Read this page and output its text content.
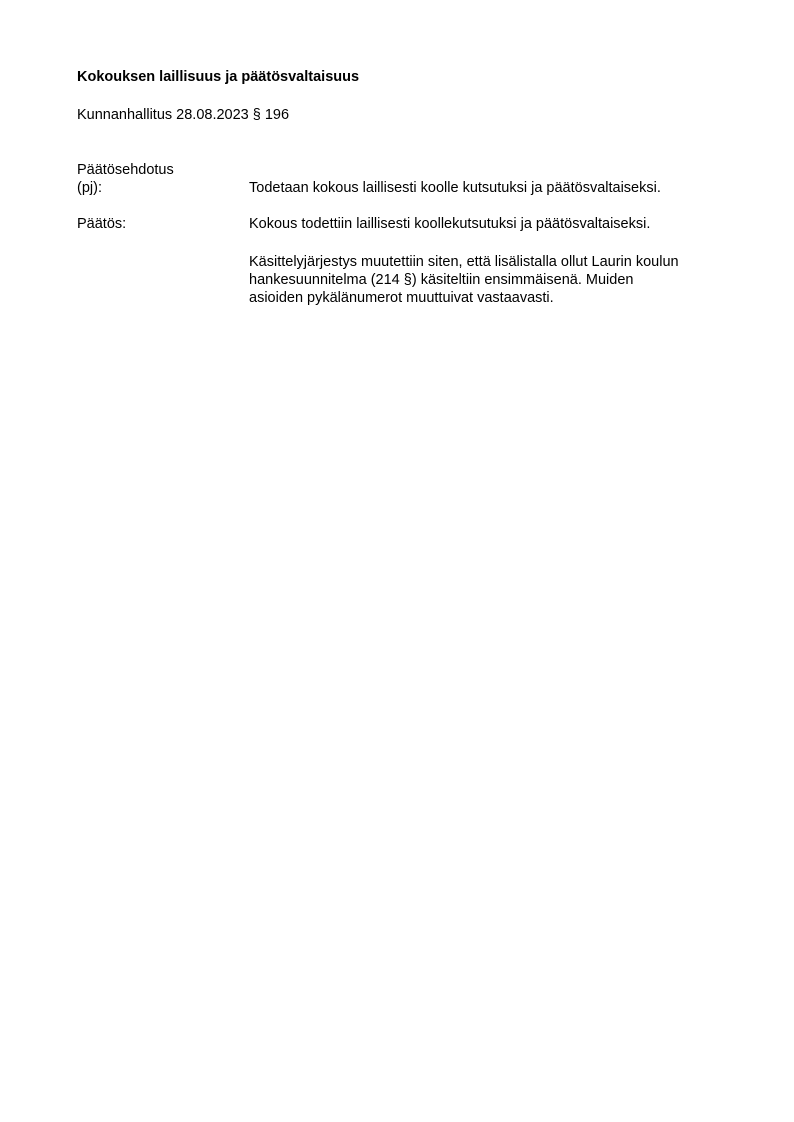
Kokouksen laillisuus ja päätösvaltaisuus
Kunnanhallitus 28.08.2023 § 196
Päätösehdotus
(pj):	Todetaan kokous laillisesti koolle kutsutuksi ja päätösvaltaiseksi.
Päätös:	Kokous todettiin laillisesti koollekutsutuksi ja päätösvaltaiseksi.
Käsittelyjärjestys muutettiin siten, että lisälistalla ollut Laurin koulun
hankesuunnitelma (214 §) käsiteltiin ensimmäisenä. Muiden
asioiden pykälänumerot muuttuivat vastaavasti.
